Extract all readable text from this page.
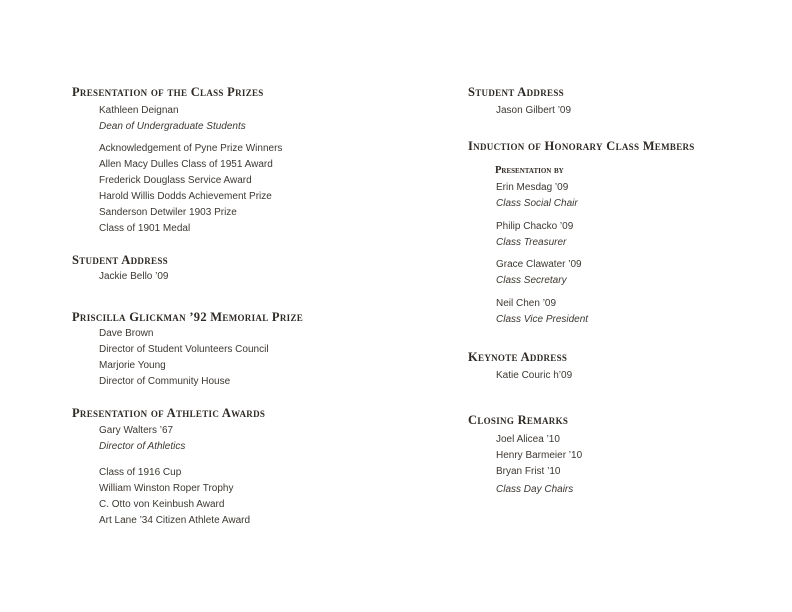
Presentation of the Class Prizes
Kathleen Deignan
Dean of Undergraduate Students
Acknowledgement of Pyne Prize Winners
Allen Macy Dulles Class of 1951 Award
Frederick Douglass Service Award
Harold Willis Dodds Achievement Prize
Sanderson Detwiler 1903 Prize
Class of 1901 Medal
Student Address
Jackie Bello ’09
Priscilla Glickman ’92 Memorial Prize
Dave Brown
Director of Student Volunteers Council
Marjorie Young
Director of Community House
Presentation of Athletic Awards
Gary Walters ’67
Director of Athletics
Class of 1916 Cup
William Winston Roper Trophy
C. Otto von Keinbush Award
Art Lane ’34 Citizen Athlete Award
Student Address
Jason Gilbert ’09
Induction of Honorary Class Members
Presentation by
Erin Mesdag ’09
Class Social Chair
Philip Chacko ’09
Class Treasurer
Grace Clawater ’09
Class Secretary
Neil Chen ’09
Class Vice President
Keynote Address
Katie Couric h’09
Closing Remarks
Joel Alicea ’10
Henry Barmeier ’10
Bryan Frist ’10
Class Day Chairs
